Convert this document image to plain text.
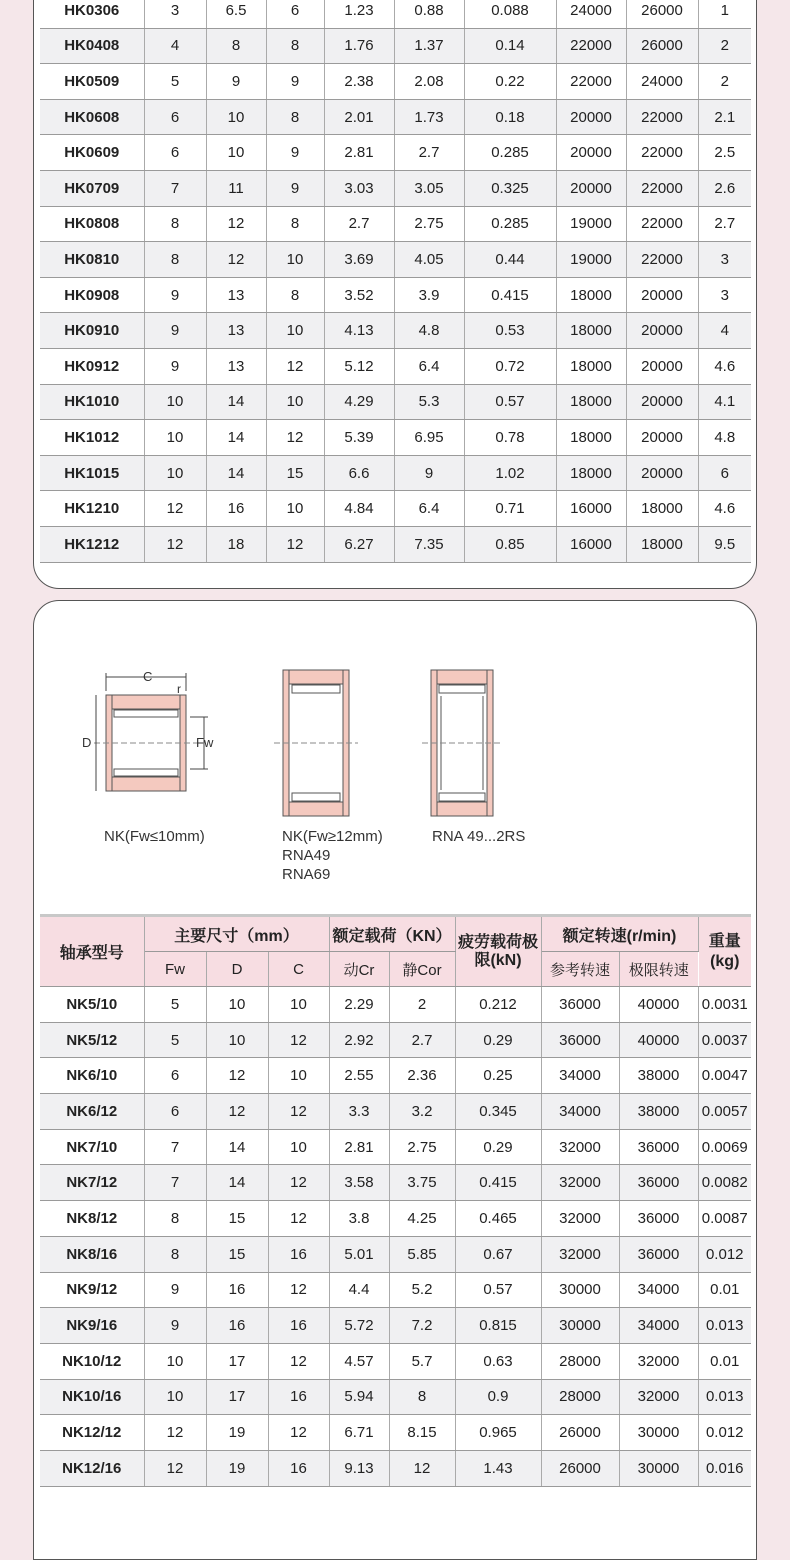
HK0306	3	6.5	6	1.23	0.88	0.088	24000	26000	1
HK0408	4	8	8	1.76	1.37	0.14	22000	26000	2
HK0509	5	9	9	2.38	2.08	0.22	22000	24000	2
HK0608	6	10	8	2.01	1.73	0.18	20000	22000	2.1
HK0609	6	10	9	2.81	2.7	0.285	20000	22000	2.5
HK0709	7	11	9	3.03	3.05	0.325	20000	22000	2.6
HK0808	8	12	8	2.7	2.75	0.285	19000	22000	2.7
HK0810	8	12	10	3.69	4.05	0.44	19000	22000	3
HK0908	9	13	8	3.52	3.9	0.415	18000	20000	3
HK0910	9	13	10	4.13	4.8	0.53	18000	20000	4
HK0912	9	13	12	5.12	6.4	0.72	18000	20000	4.6
HK1010	10	14	10	4.29	5.3	0.57	18000	20000	4.1
HK1012	10	14	12	5.39	6.95	0.78	18000	20000	4.8
HK1015	10	14	15	6.6	9	1.02	18000	20000	6
HK1210	12	16	10	4.84	6.4	0.71	16000	18000	4.6
HK1212	12	18	12	6.27	7.35	0.85	16000	18000	9.5
C
r
D	Fw
NK(Fw≤10mm)	NK(Fw≥12mm)
RNA49
RNA69
RNA 49...2RS
轴承型号	主要尺寸（mm）			额定载荷（KN）		疲劳载荷极限(kN)	额定转速(r/min)		重量(kg)
	Fw	D	C	动Cr	静Cor		参考转速	极限转速	
NK5/10	5	10	10	2.29	2	0.212	36000	40000	0.0031
NK5/12	5	10	12	2.92	2.7	0.29	36000	40000	0.0037
NK6/10	6	12	10	2.55	2.36	0.25	34000	38000	0.0047
NK6/12	6	12	12	3.3	3.2	0.345	34000	38000	0.0057
NK7/10	7	14	10	2.81	2.75	0.29	32000	36000	0.0069
NK7/12	7	14	12	3.58	3.75	0.415	32000	36000	0.0082
NK8/12	8	15	12	3.8	4.25	0.465	32000	36000	0.0087
NK8/16	8	15	16	5.01	5.85	0.67	32000	36000	0.012
NK9/12	9	16	12	4.4	5.2	0.57	30000	34000	0.01
NK9/16	9	16	16	5.72	7.2	0.815	30000	34000	0.013
NK10/12	10	17	12	4.57	5.7	0.63	28000	32000	0.01
NK10/16	10	17	16	5.94	8	0.9	28000	32000	0.013
NK12/12	12	19	12	6.71	8.15	0.965	26000	30000	0.012
NK12/16	12	19	16	9.13	12	1.43	26000	30000	0.016
